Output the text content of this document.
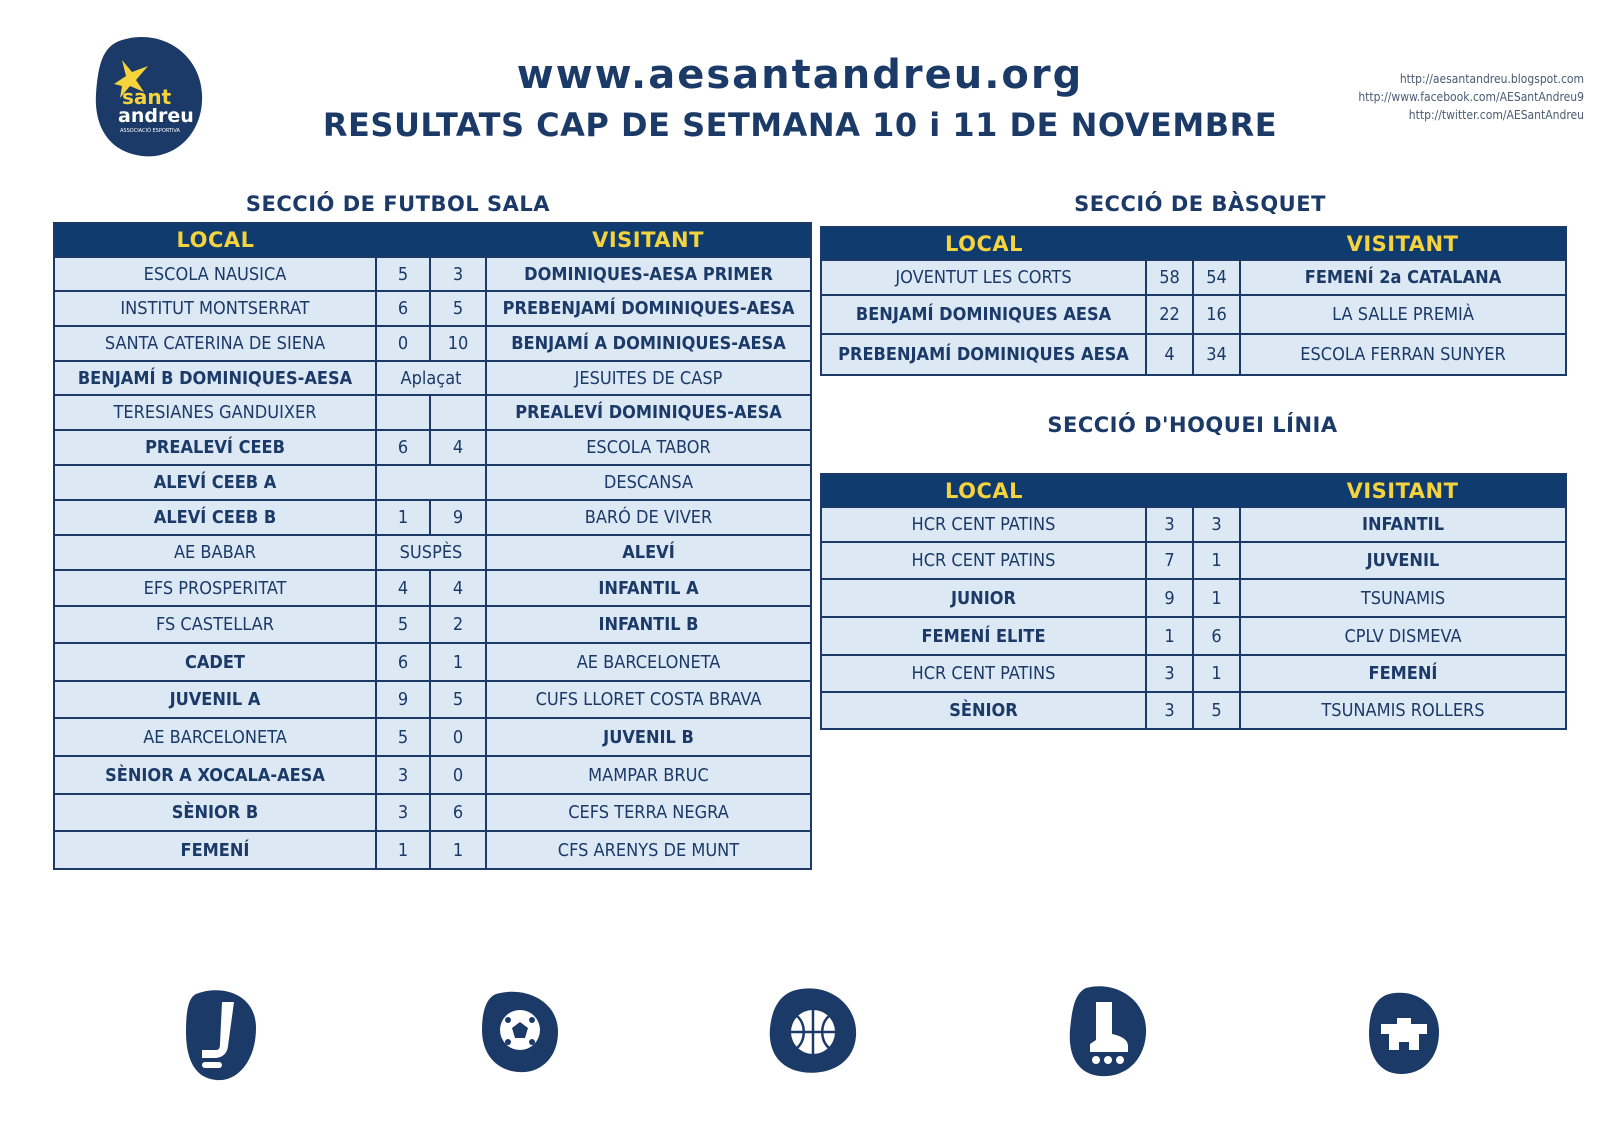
sant
andreu
ASSOCIACIÓ ESPORTIVA
www.aesantandreu.org
RESULTATS CAP DE SETMANA 10 i 11 DE NOVEMBRE
http://aesantandreu.blogspot.com
http://www.facebook.com/AESantAndreu9
http://twitter.com/AESantAndreu
SECCIÓ DE FUTBOL SALA	SECCIÓ DE BÀSQUET
SECCIÓ D'HOQUEI LÍNIA
LOCAL			VISITANT
ESCOLA NAUSICA	5	3	DOMINIQUES-AESA PRIMER
INSTITUT MONTSERRAT	6	5	PREBENJAMÍ DOMINIQUES-AESA
SANTA CATERINA DE SIENA	0	10	BENJAMÍ A DOMINIQUES-AESA
BENJAMÍ B DOMINIQUES-AESA	Aplaçat		JESUITES DE CASP
TERESIANES GANDUIXER			PREALEVÍ DOMINIQUES-AESA
PREALEVÍ CEEB	6	4	ESCOLA TABOR
ALEVÍ CEEB A			DESCANSA
ALEVÍ CEEB B	1	9	BARÓ DE VIVER
AE BABAR	SUSPÈS		ALEVÍ
EFS PROSPERITAT	4	4	INFANTIL A
FS CASTELLAR	5	2	INFANTIL B
CADET	6	1	AE BARCELONETA
JUVENIL A	9	5	CUFS LLORET COSTA BRAVA
AE BARCELONETA	5	0	JUVENIL B
SÈNIOR A XOCALA-AESA	3	0	MAMPAR BRUC
SÈNIOR B	3	6	CEFS TERRA NEGRA
FEMENÍ	1	1	CFS ARENYS DE MUNT
LOCAL			VISITANT
JOVENTUT LES CORTS	58	54	FEMENÍ 2a CATALANA
BENJAMÍ DOMINIQUES AESA	22	16	LA SALLE PREMIÀ
PREBENJAMÍ DOMINIQUES AESA	4	34	ESCOLA FERRAN SUNYER
LOCAL			VISITANT
HCR CENT PATINS	3	3	INFANTIL
HCR CENT PATINS	7	1	JUVENIL
JUNIOR	9	1	TSUNAMIS
FEMENÍ ELITE	1	6	CPLV DISMEVA
HCR CENT PATINS	3	1	FEMENÍ
SÈNIOR	3	5	TSUNAMIS ROLLERS
